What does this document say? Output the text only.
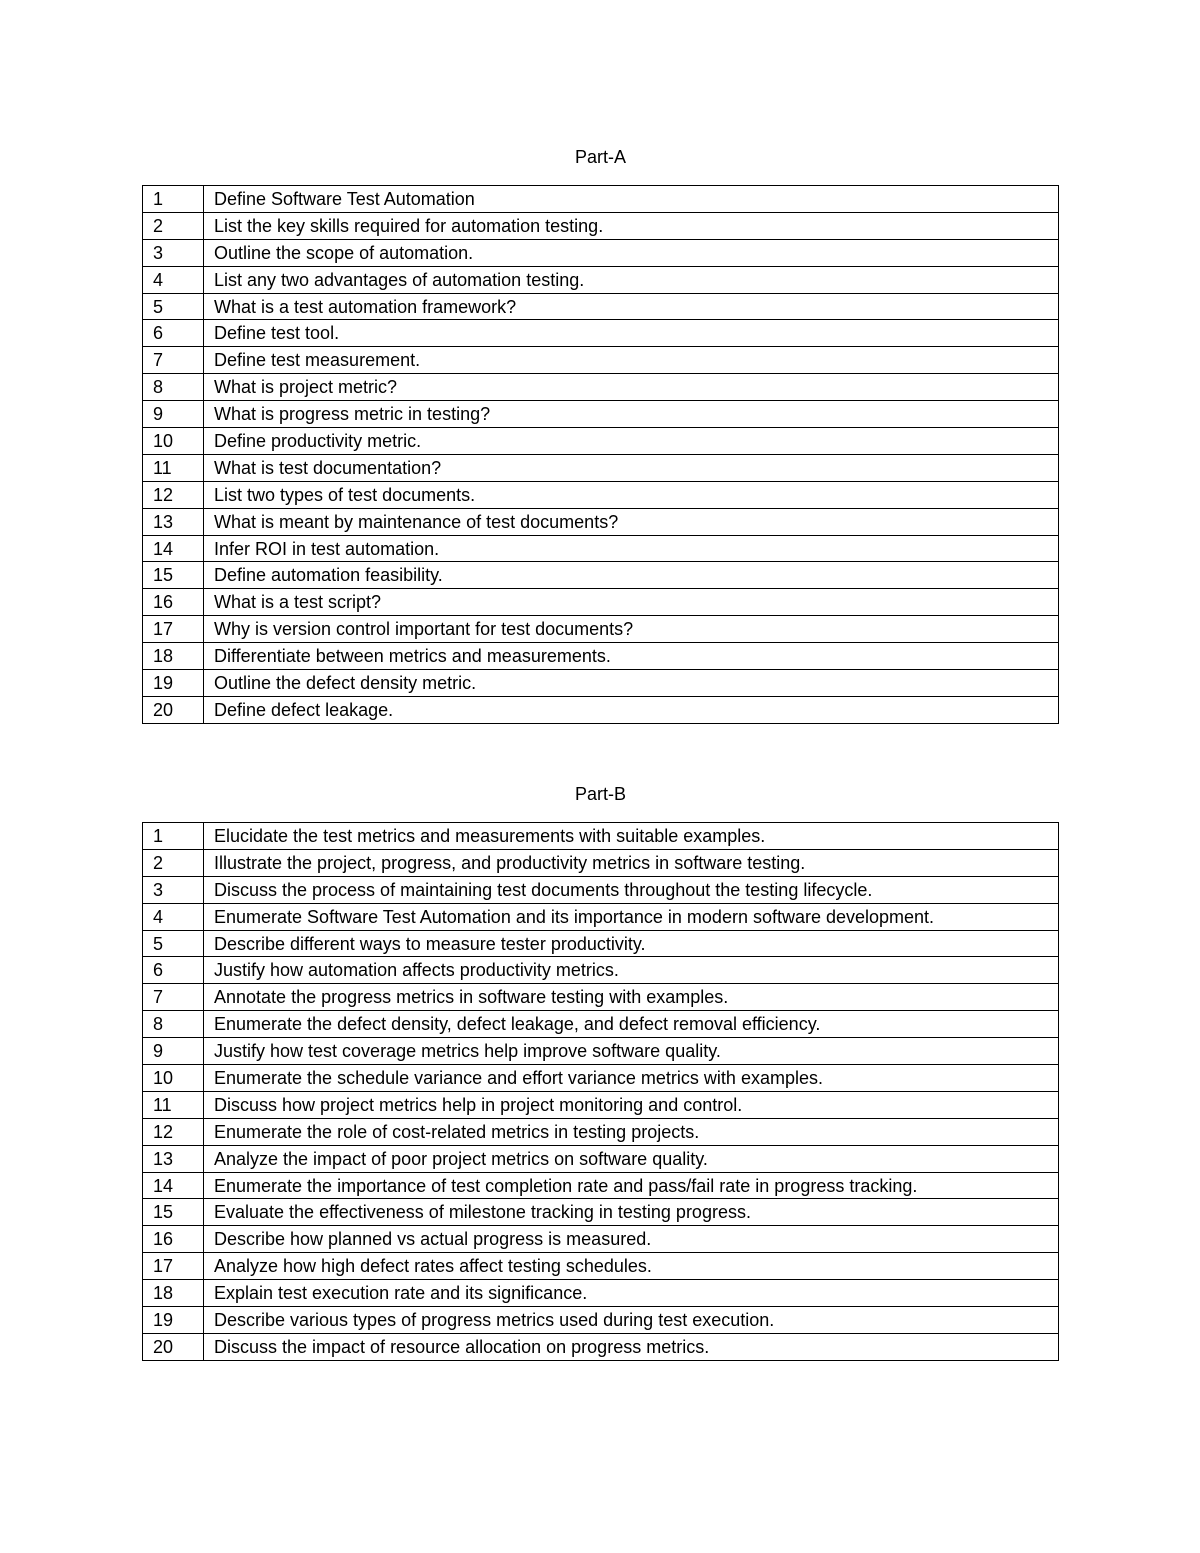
Part-A
1	Define Software Test Automation
2	List the key skills required for automation testing.
3	Outline the scope of automation.
4	List any two advantages of automation testing.
5	What is a test automation framework?
6	Define test tool.
7	Define test measurement.
8	What is project metric?
9	What is progress metric in testing?
10	Define productivity metric.
11	What is test documentation?
12	List two types of test documents.
13	What is meant by maintenance of test documents?
14	Infer ROI in test automation.
15	Define automation feasibility.
16	What is a test script?
17	Why is version control important for test documents?
18	Differentiate between metrics and measurements.
19	Outline the defect density metric.
20	Define defect leakage.
Part-B
1	Elucidate the test metrics and measurements with suitable examples.
2	Illustrate the project, progress, and productivity metrics in software testing.
3	Discuss the process of maintaining test documents throughout the testing lifecycle.
4	Enumerate Software Test Automation and its importance in modern software development.
5	Describe different ways to measure tester productivity.
6	Justify how automation affects productivity metrics.
7	Annotate the progress metrics in software testing with examples.
8	Enumerate the defect density, defect leakage, and defect removal efficiency.
9	Justify how test coverage metrics help improve software quality.
10	Enumerate the schedule variance and effort variance metrics with examples.
11	Discuss how project metrics help in project monitoring and control.
12	Enumerate the role of cost-related metrics in testing projects.
13	Analyze the impact of poor project metrics on software quality.
14	Enumerate the importance of test completion rate and pass/fail rate in progress tracking.
15	Evaluate the effectiveness of milestone tracking in testing progress.
16	Describe how planned vs actual progress is measured.
17	Analyze how high defect rates affect testing schedules.
18	Explain test execution rate and its significance.
19	Describe various types of progress metrics used during test execution.
20	Discuss the impact of resource allocation on progress metrics.
